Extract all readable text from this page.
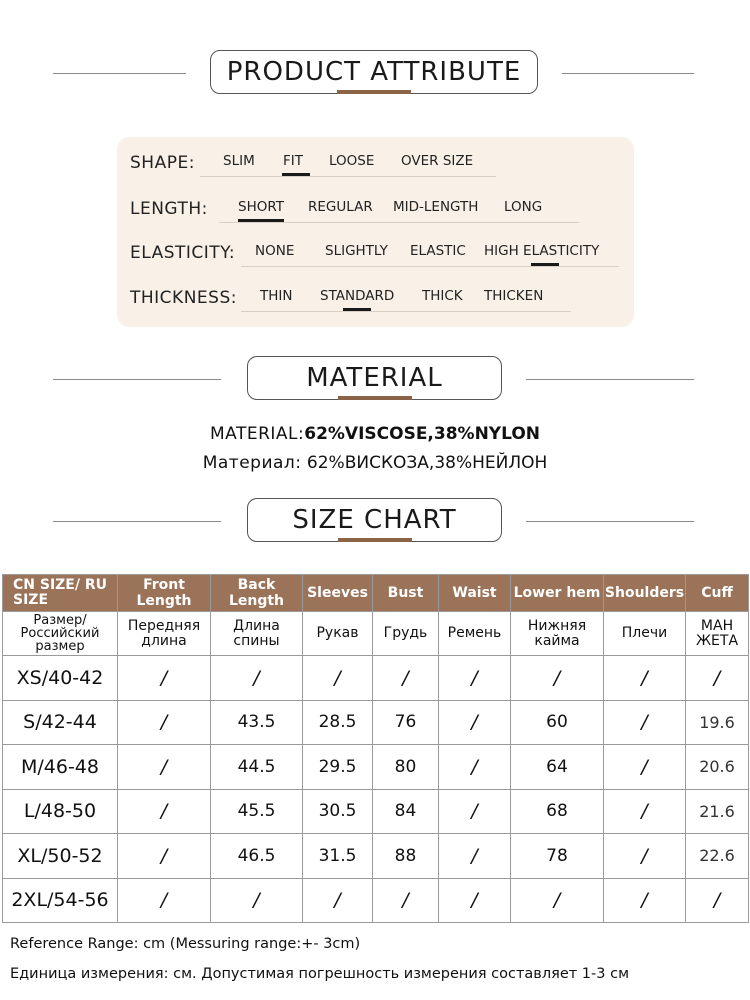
PRODUCT ATTRIBUTE
SHAPE: SLIM FIT LOOSE OVER SIZE
LENGTH: SHORT REGULAR MID-LENGTH LONG
ELASTICITY: NONE SLIGHTLY ELASTIC HIGH ELASTICITY
THICKNESS: THIN STANDARD THICK THICKEN
MATERIAL
MATERIAL:62%VISCOSE,38%NYLON
Материал: 62%ВИСКОЗА,38%НЕЙЛОН
SIZE CHART
CN SIZE/ RU SIZE	Front Length	Back Length	Sleeves	Bust	Waist	Lower hem	Shoulders	Cuff
Размер/ Российский размер	Передняя длина	Длина спины	Рукав	Грудь	Ремень	Нижняя кайма	Плечи	МАН ЖЕТА
XS/40-42	/	/	/	/	/	/	/	/
S/42-44	/	43.5	28.5	76	/	60	/	19.6
M/46-48	/	44.5	29.5	80	/	64	/	20.6
L/48-50	/	45.5	30.5	84	/	68	/	21.6
XL/50-52	/	46.5	31.5	88	/	78	/	22.6
2XL/54-56	/	/	/	/	/	/	/	/
Reference Range: cm (Messuring range:+- 3cm)
Единица измерения: см. Допустимая погрешность измерения составляет 1-3 см
